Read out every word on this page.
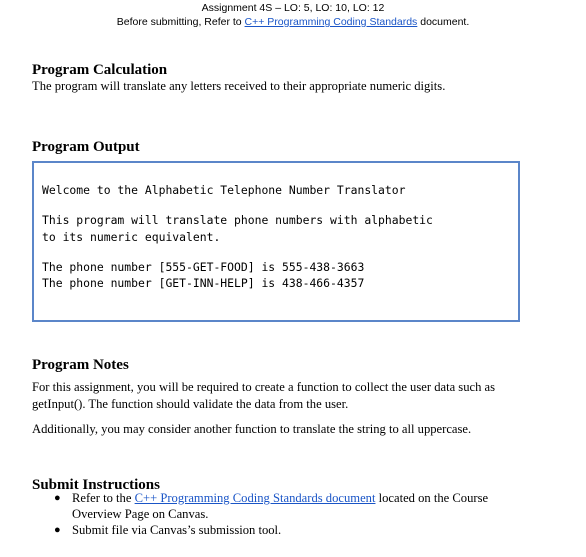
Assignment 4S – LO: 5, LO: 10, LO: 12
Before submitting, Refer to C++ Programming Coding Standards document.
Program Calculation

The program will translate any letters received to their appropriate numeric digits.

Program Output
Welcome to the Alphabetic Telephone Number Translator
This program will translate phone numbers with alphabetic
to its numeric equivalent.
The phone number [555-GET-FOOD] is 555-438-3663
The phone number [GET-INN-HELP] is 438-466-4357
Program Notes

For this assignment, you will be required to create a function to collect the user data such as

getInput(). The function should validate the data from the user.

Additionally, you may consider another function to translate the string to all uppercase.

Submit Instructions
● Refer to the C++ Programming Coding Standards document located on the Course
Overview Page on Canvas.
● Submit file via Canvas’s submission tool.
